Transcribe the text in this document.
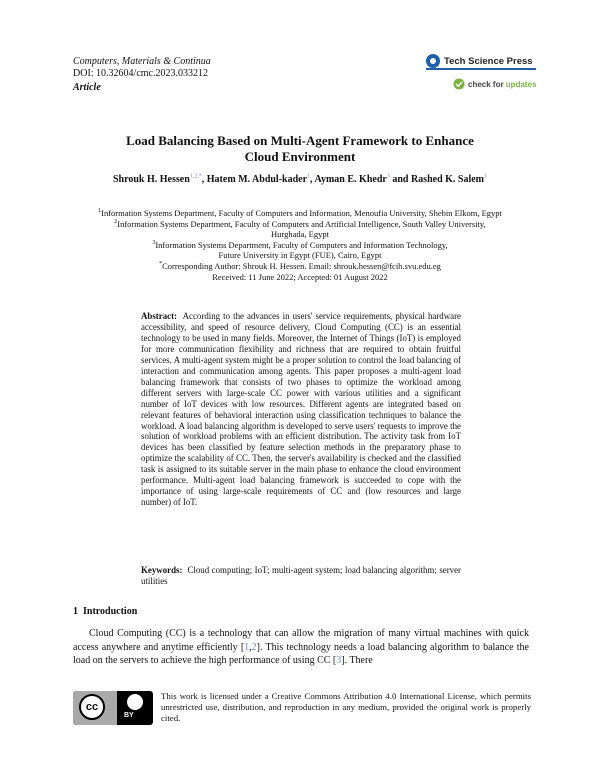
Computers, Materials & Continua
DOI: 10.32604/cmc.2023.033212
Article
Tech Science Press
check for updates
Load Balancing Based on Multi-Agent Framework to Enhance
Cloud Environment
Shrouk H. Hessen$^{1,2,*}$, Hatem M. Abdul-kader$^1$, Ayman E. Khedr$^3$ and Rashed K. Salem$^1$
$^1$Information Systems Department, Faculty of Computers and Information, Menoufia University, Shebin Elkom, Egypt
$^2$Information Systems Department, Faculty of Computers and Artificial Intelligence, South Valley University,
Hurghada, Egypt
$^3$Information Systems Department, Faculty of Computers and Information Technology,
Future University in Egypt (FUE), Cairo, Egypt
*Corresponding Author: Shrouk H. Hessen. Email: shrouk.hessen@fcih.svu.edu.eg
Received: 11 June 2022; Accepted: 01 August 2022
Abstract: According to the advances in users' service requirements, physical hardware accessibility, and speed of resource delivery, Cloud Computing (CC) is an essential technology to be used in many fields. Moreover, the Internet of Things (IoT) is employed for more communication flexibility and richness that are required to obtain fruitful services. A multi-agent system might be a proper solution to control the load balancing of interaction and communication among agents. This paper proposes a multi-agent load balancing framework that consists of two phases to optimize the workload among different servers with large-scale CC power with various utilities and a significant number of IoT devices with low resources. Different agents are integrated based on relevant features of behavioral interaction using classification techniques to balance the workload. A load balancing algorithm is developed to serve users' requests to improve the solution of workload problems with an efficient distribution. The activity task from IoT devices has been classified by feature selection methods in the preparatory phase to optimize the scalability of CC. Then, the server's availability is checked and the classified task is assigned to its suitable server in the main phase to enhance the cloud environment performance. Multi-agent load balancing framework is succeeded to cope with the importance of using large-scale requirements of CC and (low resources and large number) of IoT.
Keywords: Cloud computing; IoT; multi-agent system; load balancing algorithm; server utilities
1 Introduction
Cloud Computing (CC) is a technology that can allow the migration of many virtual machines with quick access anywhere and anytime efficiently [1,2]. This technology needs a load balancing algorithm to balance the load on the servers to achieve the high performance of using CC [3]. There
cc
BY
This work is licensed under a Creative Commons Attribution 4.0 International License, which permits unrestricted use, distribution, and reproduction in any medium, provided the original work is properly cited.
